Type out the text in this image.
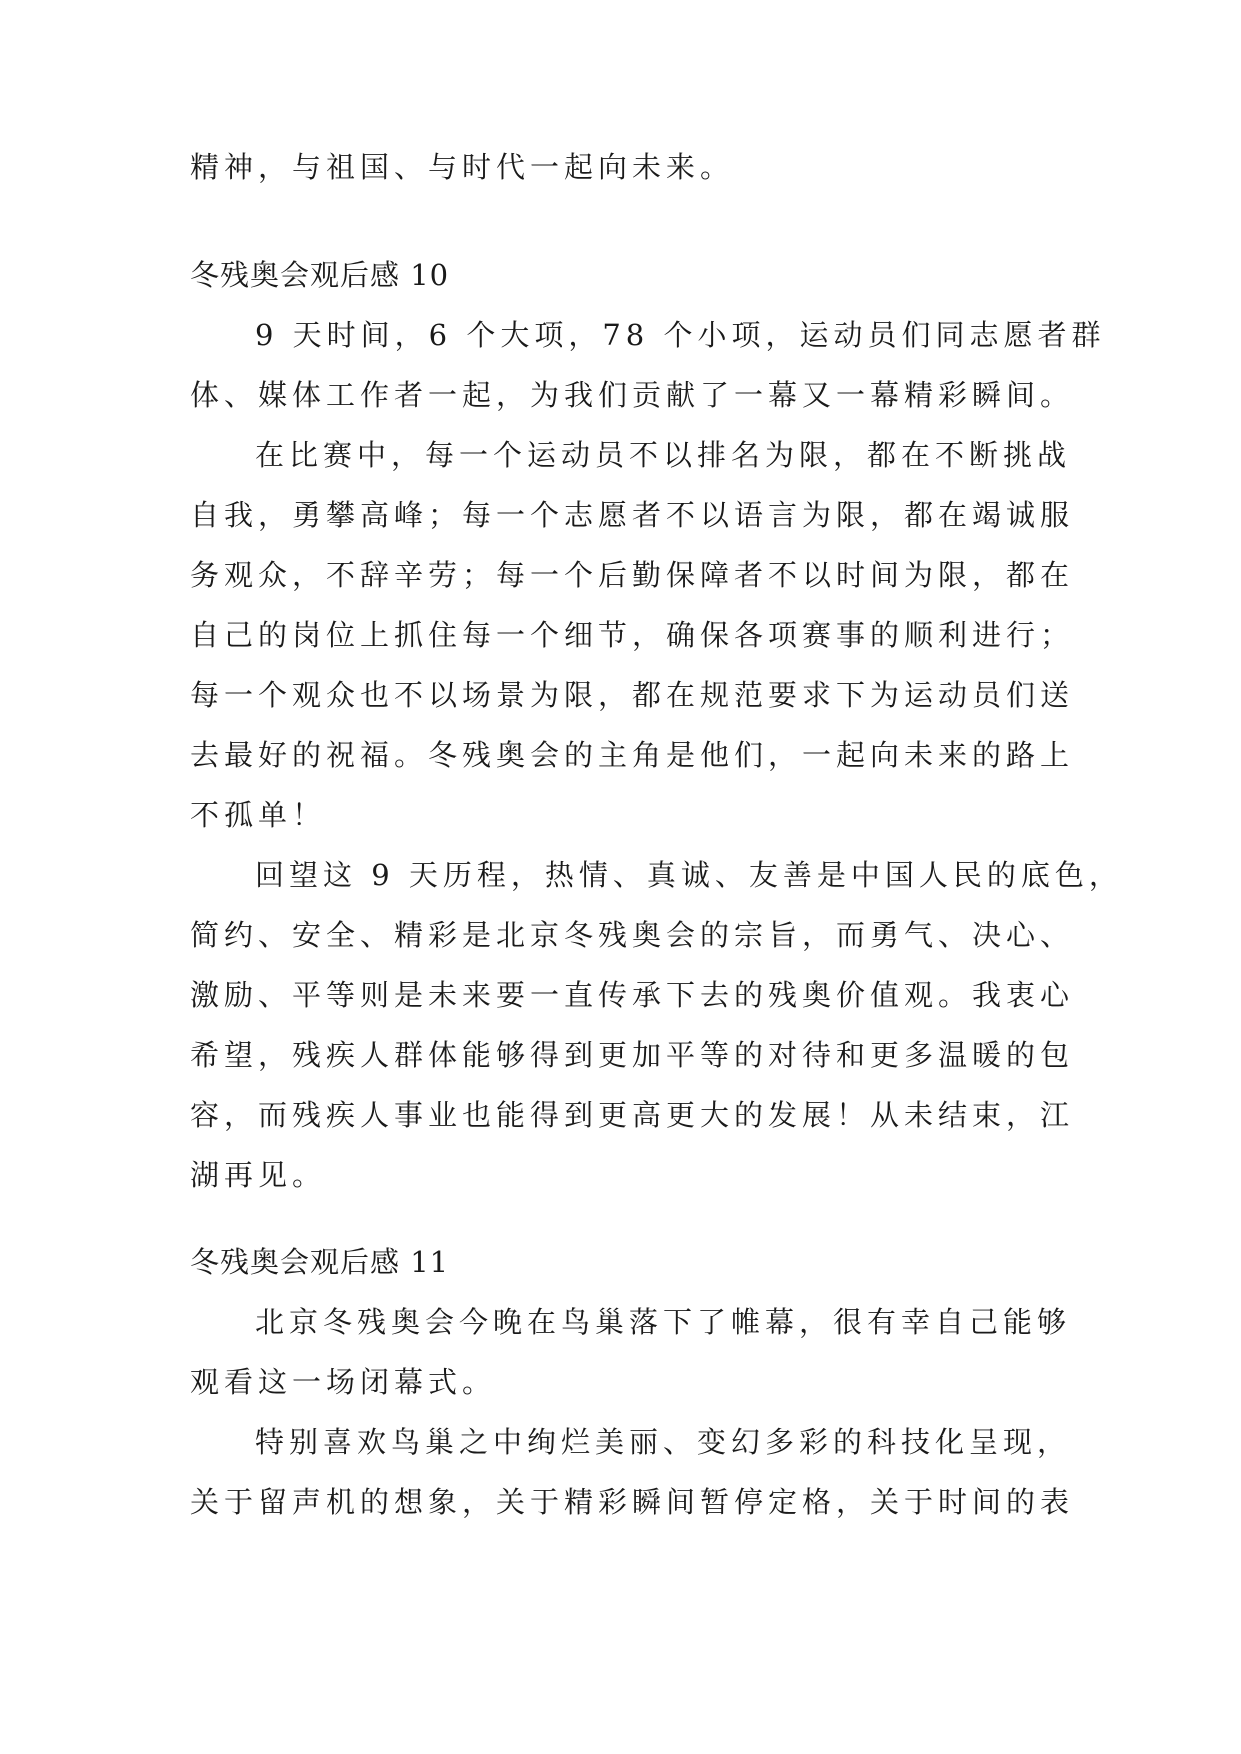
精神，与祖国、与时代一起向未来。
冬残奥会观后感 10
9 天时间，6 个大项，78 个小项，运动员们同志愿者群
体、媒体工作者一起，为我们贡献了一幕又一幕精彩瞬间。
在比赛中，每一个运动员不以排名为限，都在不断挑战
自我，勇攀高峰；每一个志愿者不以语言为限，都在竭诚服
务观众，不辞辛劳；每一个后勤保障者不以时间为限，都在
自己的岗位上抓住每一个细节，确保各项赛事的顺利进行；
每一个观众也不以场景为限，都在规范要求下为运动员们送
去最好的祝福。冬残奥会的主角是他们，一起向未来的路上
不孤单！
回望这 9 天历程，热情、真诚、友善是中国人民的底色，
简约、安全、精彩是北京冬残奥会的宗旨，而勇气、决心、
激励、平等则是未来要一直传承下去的残奥价值观。我衷心
希望，残疾人群体能够得到更加平等的对待和更多温暖的包
容，而残疾人事业也能得到更高更大的发展！从未结束，江
湖再见。
冬残奥会观后感 11
北京冬残奥会今晚在鸟巢落下了帷幕，很有幸自己能够
观看这一场闭幕式。
特别喜欢鸟巢之中绚烂美丽、变幻多彩的科技化呈现，
关于留声机的想象，关于精彩瞬间暂停定格，关于时间的表
